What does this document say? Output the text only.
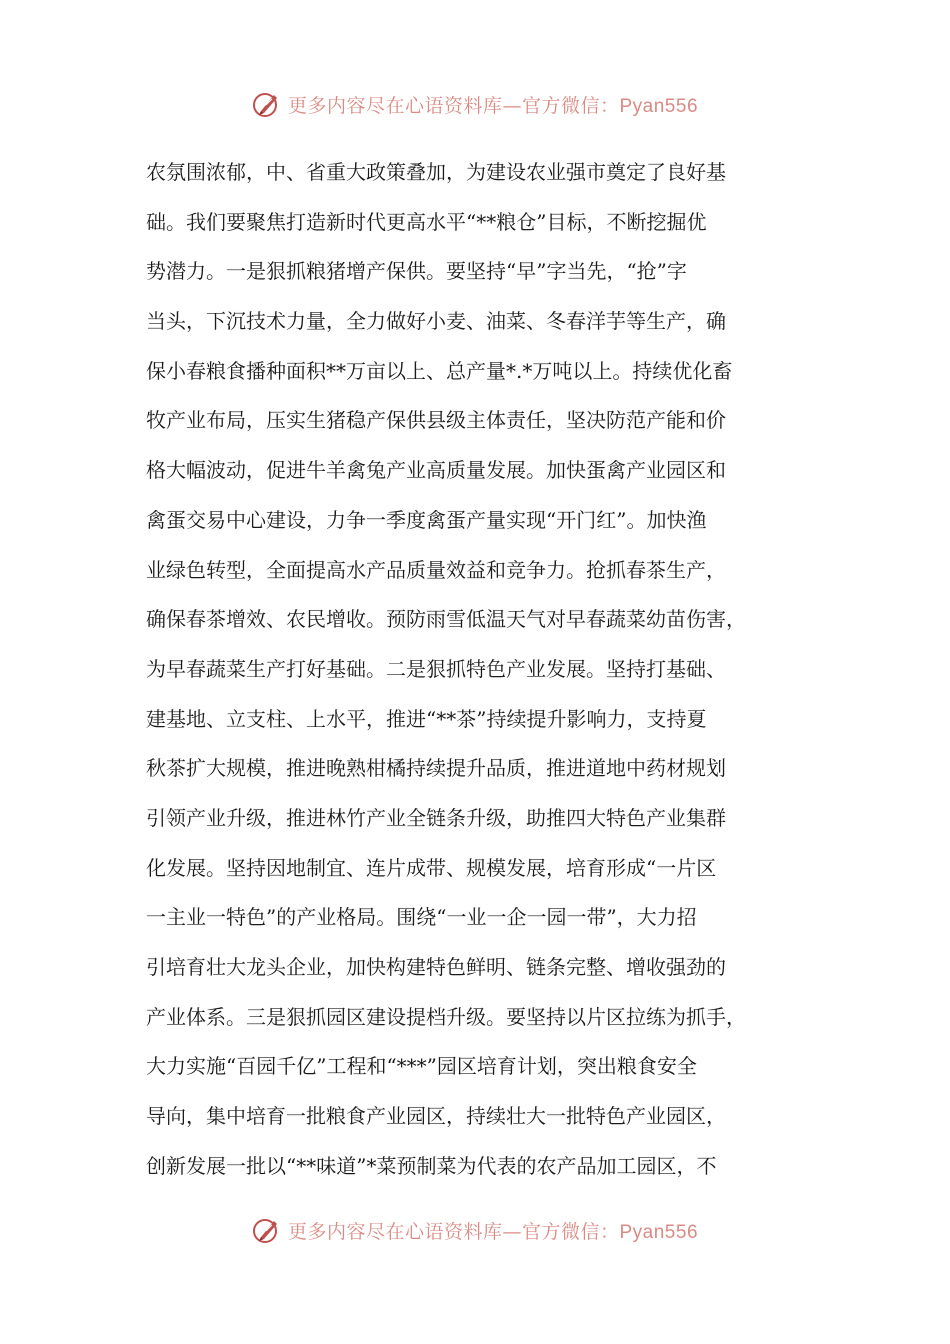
更多内容尽在心语资料库—官方微信：Pyan556
农氛围浓郁，中、省重大政策叠加，为建设农业强市奠定了良好基
础。我们要聚焦打造新时代更高水平“**粮仓”目标，不断挖掘优
势潜力。一是狠抓粮猪增产保供。要坚持“早”字当先，“抢”字
当头，下沉技术力量，全力做好小麦、油菜、冬春洋芋等生产，确
保小春粮食播种面积**万亩以上、总产量*.*万吨以上。持续优化畜
牧产业布局，压实生猪稳产保供县级主体责任，坚决防范产能和价
格大幅波动，促进牛羊禽兔产业高质量发展。加快蛋禽产业园区和
禽蛋交易中心建设，力争一季度禽蛋产量实现“开门红”。加快渔
业绿色转型，全面提高水产品质量效益和竞争力。抢抓春茶生产，
确保春茶增效、农民增收。预防雨雪低温天气对早春蔬菜幼苗伤害，
为早春蔬菜生产打好基础。二是狠抓特色产业发展。坚持打基础、
建基地、立支柱、上水平，推进“**茶”持续提升影响力，支持夏
秋茶扩大规模，推进晚熟柑橘持续提升品质，推进道地中药材规划
引领产业升级，推进林竹产业全链条升级，助推四大特色产业集群
化发展。坚持因地制宜、连片成带、规模发展，培育形成“一片区
一主业一特色”的产业格局。围绕“一业一企一园一带”，大力招
引培育壮大龙头企业，加快构建特色鲜明、链条完整、增收强劲的
产业体系。三是狠抓园区建设提档升级。要坚持以片区拉练为抓手，
大力实施“百园千亿”工程和“***”园区培育计划，突出粮食安全
导向，集中培育一批粮食产业园区，持续壮大一批特色产业园区，
创新发展一批以“**味道”*菜预制菜为代表的农产品加工园区，不
更多内容尽在心语资料库—官方微信：Pyan556
